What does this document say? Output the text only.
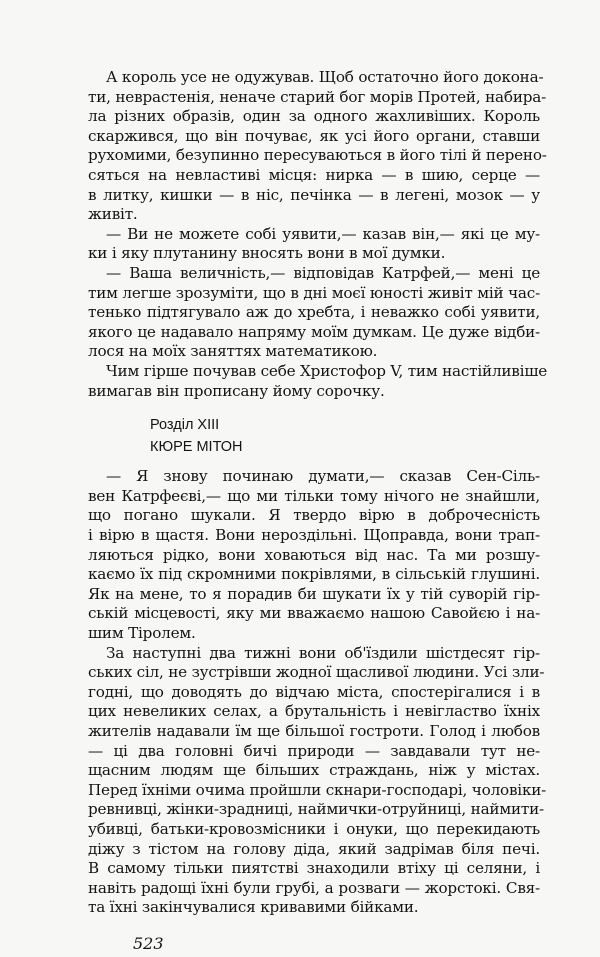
523
А король усе не одужував. Щоб остаточно його докона-
ти, неврастенія, неначе старий бог морів Протей, набира-
ла різних образів, один за одного жахливіших. Король
скаржився, що він почуває, як усі його органи, ставши
рухомими, безупинно пересуваються в його тілі й перено-
сяться на невластиві місця: нирка — в шию, серце —
в литку, кишки — в ніс, печінка — в легені, мозок — у
живіт.
— Ви не можете собі уявити,— казав він,— які це му-
ки і яку плутанину вносять вони в мої думки.
— Ваша величність,— відповідав Катрфей,— мені це
тим легше зрозуміти, що в дні моєї юності живіт мій час-
тенько підтягувало аж до хребта, і неважко собі уявити,
якого це надавало напряму моїм думкам. Це дуже відби-
лося на моїх заняттях математикою.
Чим гірше почував себе Христофор V, тим настійливіше
вимагав він прописану йому сорочку.
Розділ XIII
КЮРЕ МІТОН
— Я знову починаю думати,— сказав Сен-Сіль-
вен Катрфеєві,— що ми тільки тому нічого не знайшли,
що погано шукали. Я твердо вірю в доброчесність
і вірю в щастя. Вони нероздільні. Щоправда, вони трап-
ляються рідко, вони ховаються від нас. Та ми розшу-
каємо їх під скромними покрівлями, в сільській глушині.
Як на мене, то я порадив би шукати їх у тій суворій гір-
ській місцевості, яку ми вважаємо нашою Савойєю і на-
шим Тіролем.
За наступні два тижні вони об'їздили шістдесят гір-
ських сіл, не зустрівши жодної щасливої людини. Усі зли-
годні, що доводять до відчаю міста, спостерігалися і в
цих невеликих селах, а брутальність і невігластво їхніх
жителів надавали їм ще більшої гостроти. Голод і любов
— ці два головні бичі природи — завдавали тут не-
щасним людям ще більших страждань, ніж у містах.
Перед їхніми очима пройшли скнари-господарі, чоловіки-
ревнивці, жінки-зрадниці, наймички-отруйниці, наймити-
убивці, батьки-кровозмісники і онуки, що перекидають
діжу з тістом на голову діда, який задрімав біля печі.
В самому тільки пиятстві знаходили втіху ці селяни, і
навіть радощі їхні були грубі, а розваги — жорстокі. Свя-
та їхні закінчувалися кривавими бійками.
